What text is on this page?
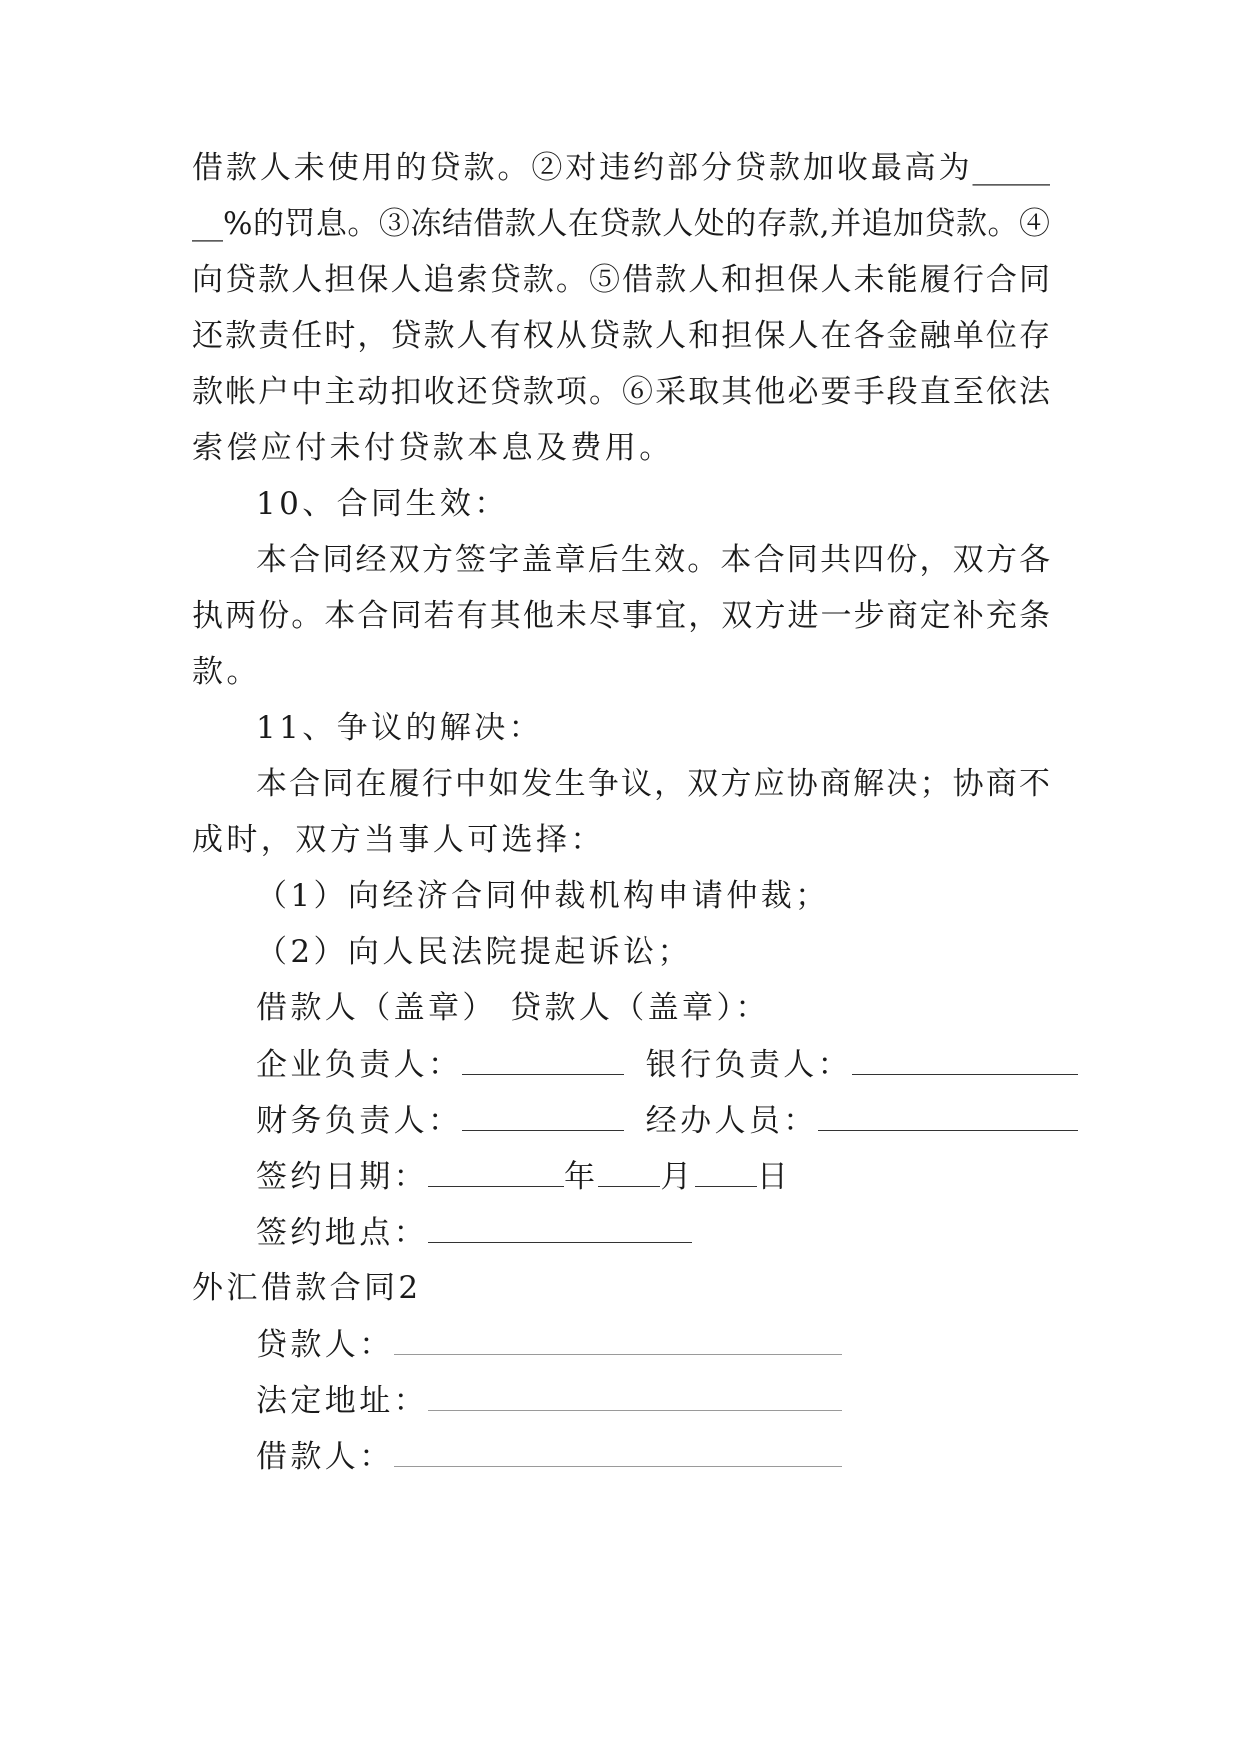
借款人未使用的贷款。②对违约部分贷款加收最高为_____
__%的罚息。③冻结借款人在贷款人处的存款,并追加贷款。④
向贷款人担保人追索贷款。⑤借款人和担保人未能履行合同
还款责任时，贷款人有权从贷款人和担保人在各金融单位存
款帐户中主动扣收还贷款项。⑥采取其他必要手段直至依法
索偿应付未付贷款本息及费用。
10、合同生效：
本合同经双方签字盖章后生效。本合同共四份，双方各
执两份。本合同若有其他未尽事宜，双方进一步商定补充条
款。
11、争议的解决：
本合同在履行中如发生争议，双方应协商解决；协商不
成时，双方当事人可选择：
（1）向经济合同仲裁机构申请仲裁；
（2）向人民法院提起诉讼；
借款人（盖章） 贷款人（盖章）：
企业负责人：	银行负责人：
财务负责人：	经办人员：
签约日期：	年 月 日
签约地点：
外汇借款合同2
贷款人：
法定地址：
借款人：
